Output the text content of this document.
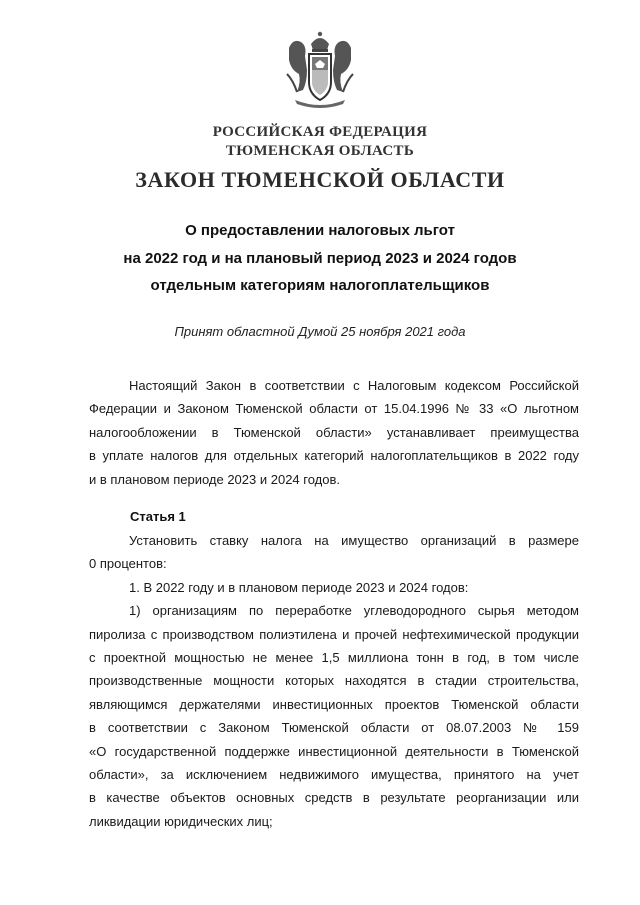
РОССИЙСКАЯ ФЕДЕРАЦИЯ
ТЮМЕНСКАЯ ОБЛАСТЬ
ЗАКОН ТЮМЕНСКОЙ ОБЛАСТИ
О предоставлении налоговых льгот
на 2022 год и на плановый период 2023 и 2024 годов
отдельным категориям налогоплательщиков
Принят областной Думой 25 ноября 2021 года
Настоящий Закон в соответствии с Налоговым кодексом Российской
Федерации и Законом Тюменской области от 15.04.1996 № 33 «О льготном
налогообложении в Тюменской области» устанавливает преимущества
в уплате налогов для отдельных категорий налогоплательщиков в 2022 году
и в плановом периоде 2023 и 2024 годов.
Статья 1
Установить ставку налога на имущество организаций в размере
0 процентов:
1. В 2022 году и в плановом периоде 2023 и 2024 годов:
1) организациям по переработке углеводородного сырья методом
пиролиза с производством полиэтилена и прочей нефтехимической продукции
с проектной мощностью не менее 1,5 миллиона тонн в год, в том числе
производственные мощности которых находятся в стадии строительства,
являющимся держателями инвестиционных проектов Тюменской области
в соответствии с Законом Тюменской области от 08.07.2003 № 159
«О государственной поддержке инвестиционной деятельности в Тюменской
области», за исключением недвижимого имущества, принятого на учет
в качестве объектов основных средств в результате реорганизации или
ликвидации юридических лиц;
